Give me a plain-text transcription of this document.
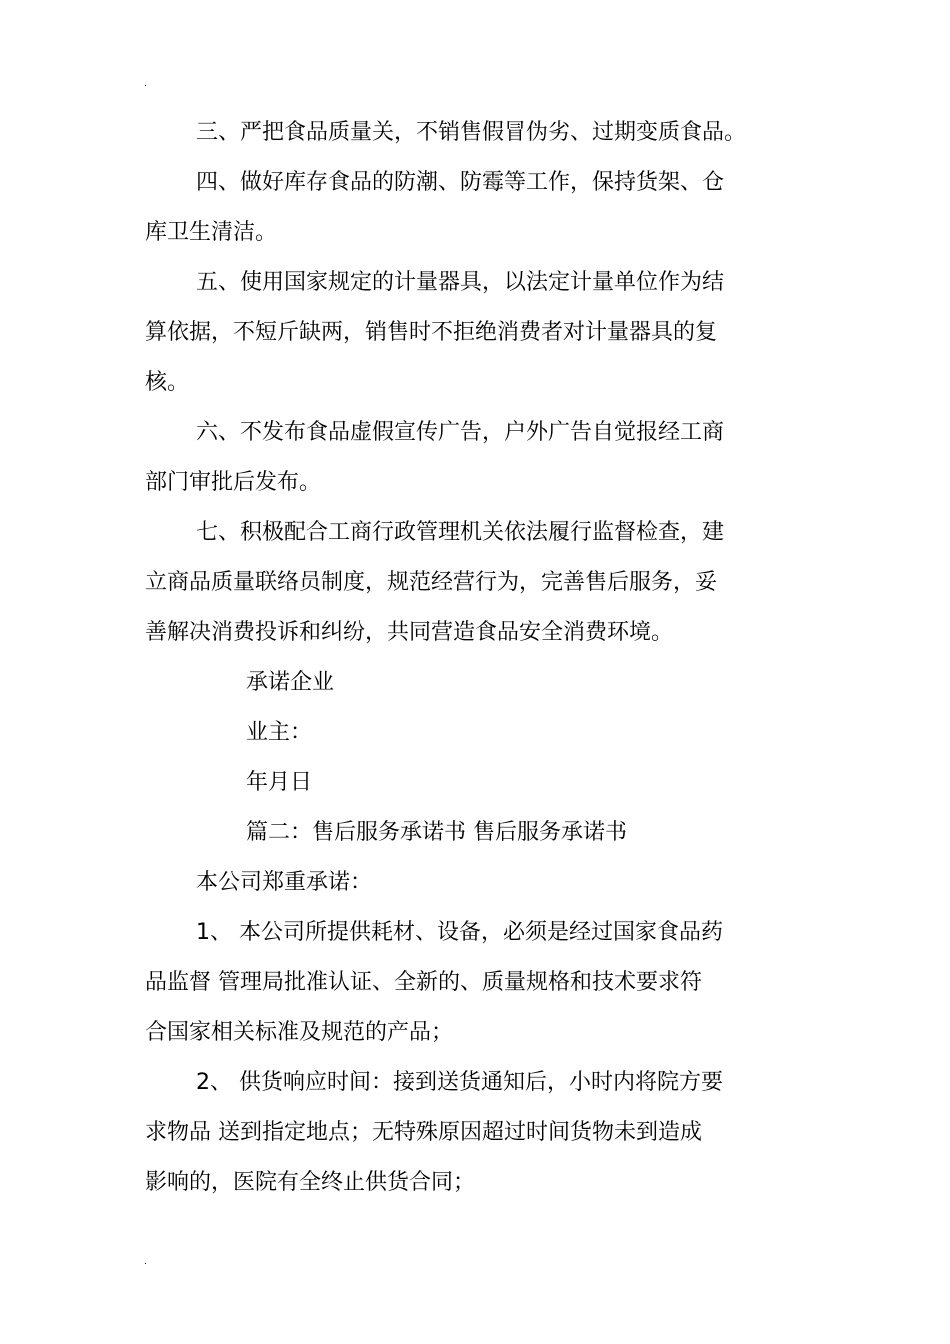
.
三、严把食品质量关，不销售假冒伪劣、过期变质食品。
四、做好库存食品的防潮、防霉等工作，保持货架、仓
库卫生清洁。
五、使用国家规定的计量器具，以法定计量单位作为结
算依据，不短斤缺两，销售时不拒绝消费者对计量器具的复
核。
六、不发布食品虚假宣传广告，户外广告自觉报经工商
部门审批后发布。
七、积极配合工商行政管理机关依法履行监督检查，建
立商品质量联络员制度，规范经营行为，完善售后服务，妥
善解决消费投诉和纠纷，共同营造食品安全消费环境。
承诺企业
业主：
年月日
篇二：售后服务承诺书 售后服务承诺书
本公司郑重承诺：
1、 本公司所提供耗材、设备，必须是经过国家食品药
品监督 管理局批准认证、全新的、质量规格和技术要求符
合国家相关标准及规范的产品；
2、 供货响应时间：接到送货通知后，小时内将院方要
求物品 送到指定地点；无特殊原因超过时间货物未到造成
影响的，医院有全终止供货合同；
.
